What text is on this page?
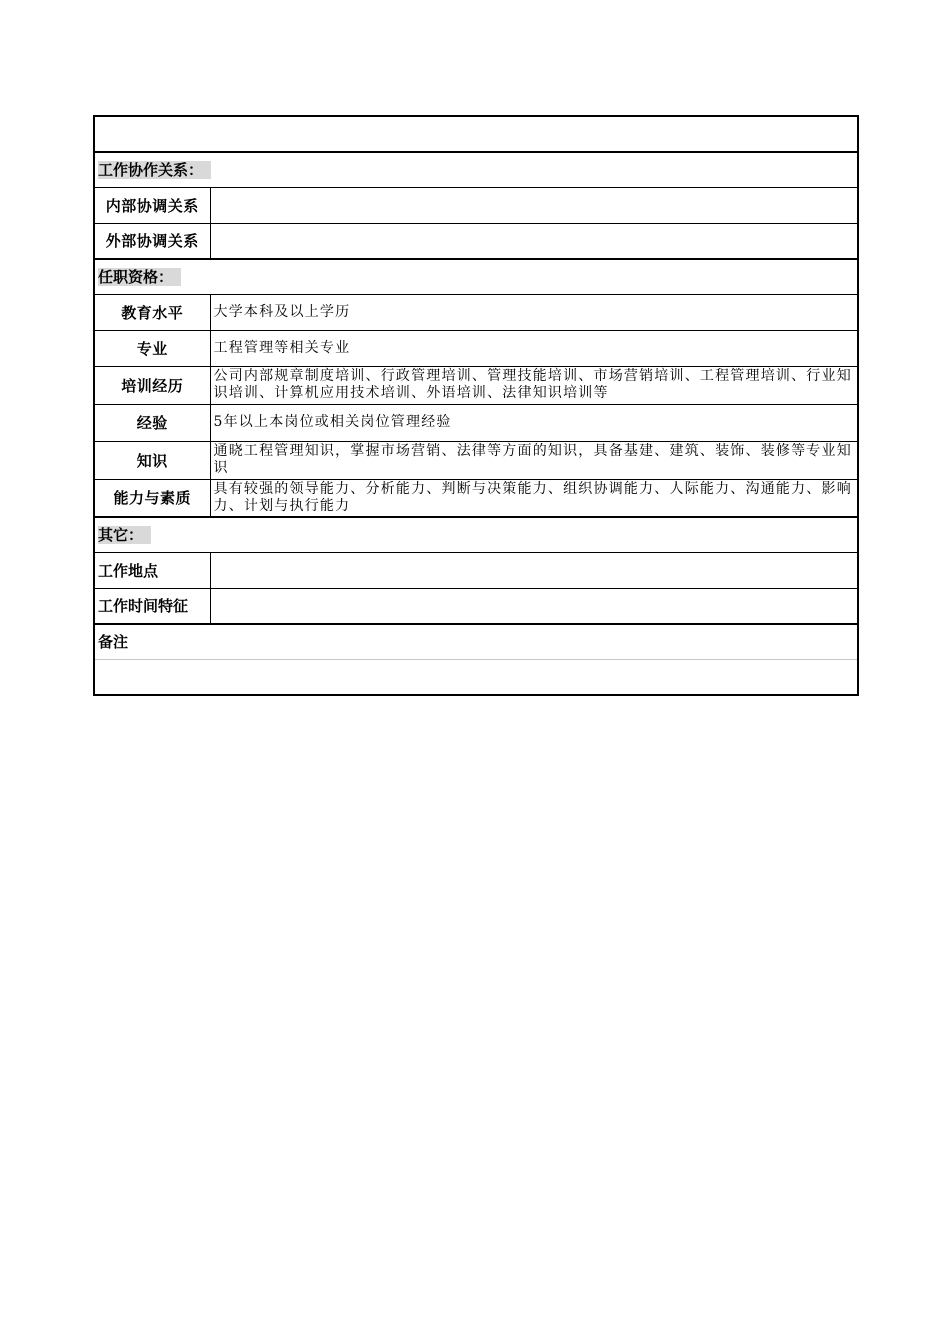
工作协作关系：	
内部协调关系	
外部协调关系	
任职资格：	
教育水平	大学本科及以上学历
专业	工程管理等相关专业
培训经历	公司内部规章制度培训、行政管理培训、管理技能培训、市场营销培训、工程管理培训、行业知识培训、计算机应用技术培训、外语培训、法律知识培训等
经验	5年以上本岗位或相关岗位管理经验
知识	通晓工程管理知识，掌握市场营销、法律等方面的知识，具备基建、建筑、装饰、装修等专业知识
能力与素质	具有较强的领导能力、分析能力、判断与决策能力、组织协调能力、人际能力、沟通能力、影响力、计划与执行能力
其它：	
工作地点	
工作时间特征	
备注	
